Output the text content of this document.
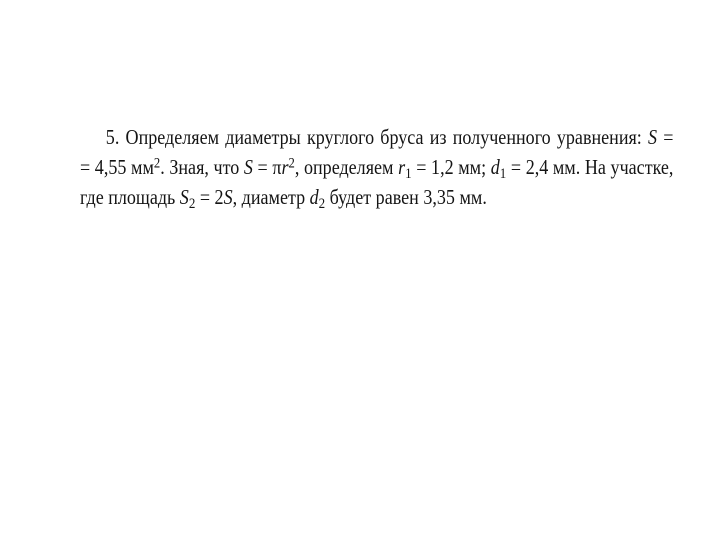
5. Определяем диаметры круглого бруса из полученного уравнения: S =
= 4,55 $мм^2$. Зная, что $S = \pi r^2$, определяем $r_1 = 1,2$ мм; $d_1 = 2,4$ мм. На участке,
где площадь $S_2 = 2S$, диаметр $d_2$ будет равен 3,35 мм.
